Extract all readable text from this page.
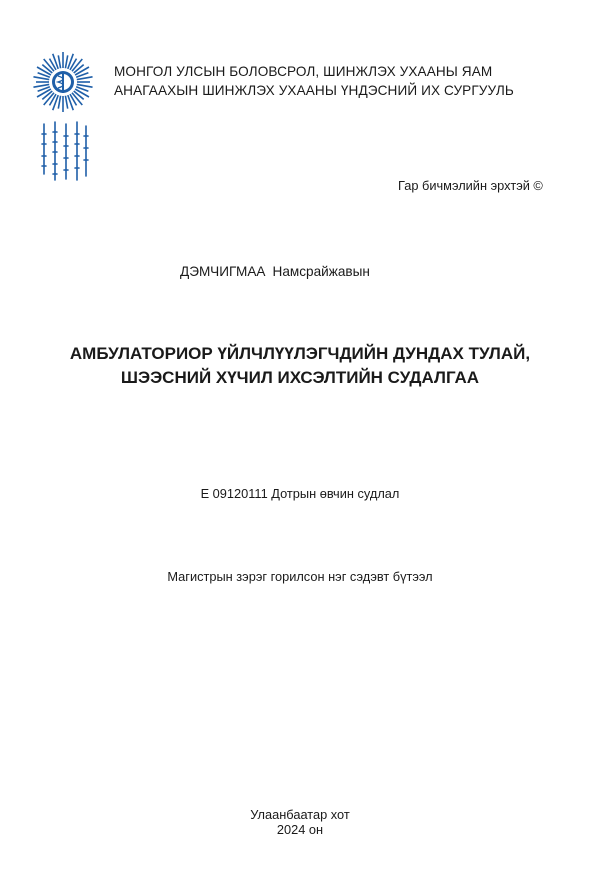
МОНГОЛ УЛСЫН БОЛОВСРОЛ, ШИНЖЛЭХ УХААНЫ ЯАМ
АНАГААХЫН ШИНЖЛЭХ УХААНЫ ҮНДЭСНИЙ ИХ СУРГУУЛЬ
Гар бичмэлийн эрхтэй ©
ДЭМЧИГМАА Намсрайжавын
АМБУЛАТОРИОР ҮЙЛЧЛҮҮЛЭГЧДИЙН ДУНДАХ ТУЛАЙ,
ШЭЭСНИЙ ХҮЧИЛ ИХСЭЛТИЙН СУДАЛГАА
Е 09120111 Дотрын өвчин судлал
Магистрын зэрэг горилсон нэг сэдэвт бүтээл
Улаанбаатар хот
2024 он
